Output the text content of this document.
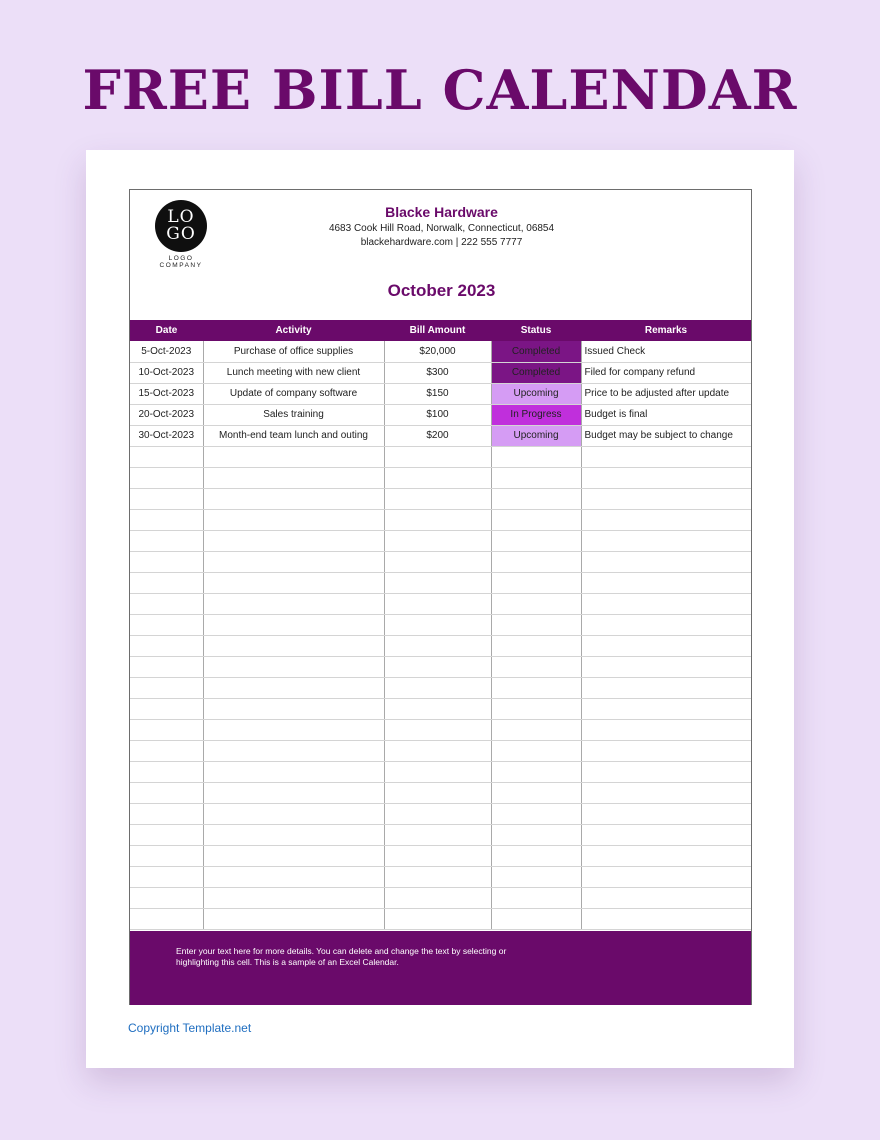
FREE BILL CALENDAR
LO GO
LOGO COMPANY
Blacke Hardware
4683 Cook Hill Road, Norwalk, Connecticut, 06854
blackehardware.com | 222 555 7777
October 2023
Date	Activity	Bill Amount	Status	Remarks
5-Oct-2023	Purchase of office supplies	$20,000	Completed	Issued Check
10-Oct-2023	Lunch meeting with new client	$300	Completed	Filed for company refund
15-Oct-2023	Update of company software	$150	Upcoming	Price to be adjusted after update
20-Oct-2023	Sales training	$100	In Progress	Budget is final
30-Oct-2023	Month-end team lunch and outing	$200	Upcoming	Budget may be subject to change

Enter your text here for more details. You can delete and change the text by selecting or highlighting this cell. This is a sample of an Excel Calendar.
Copyright Template.net
